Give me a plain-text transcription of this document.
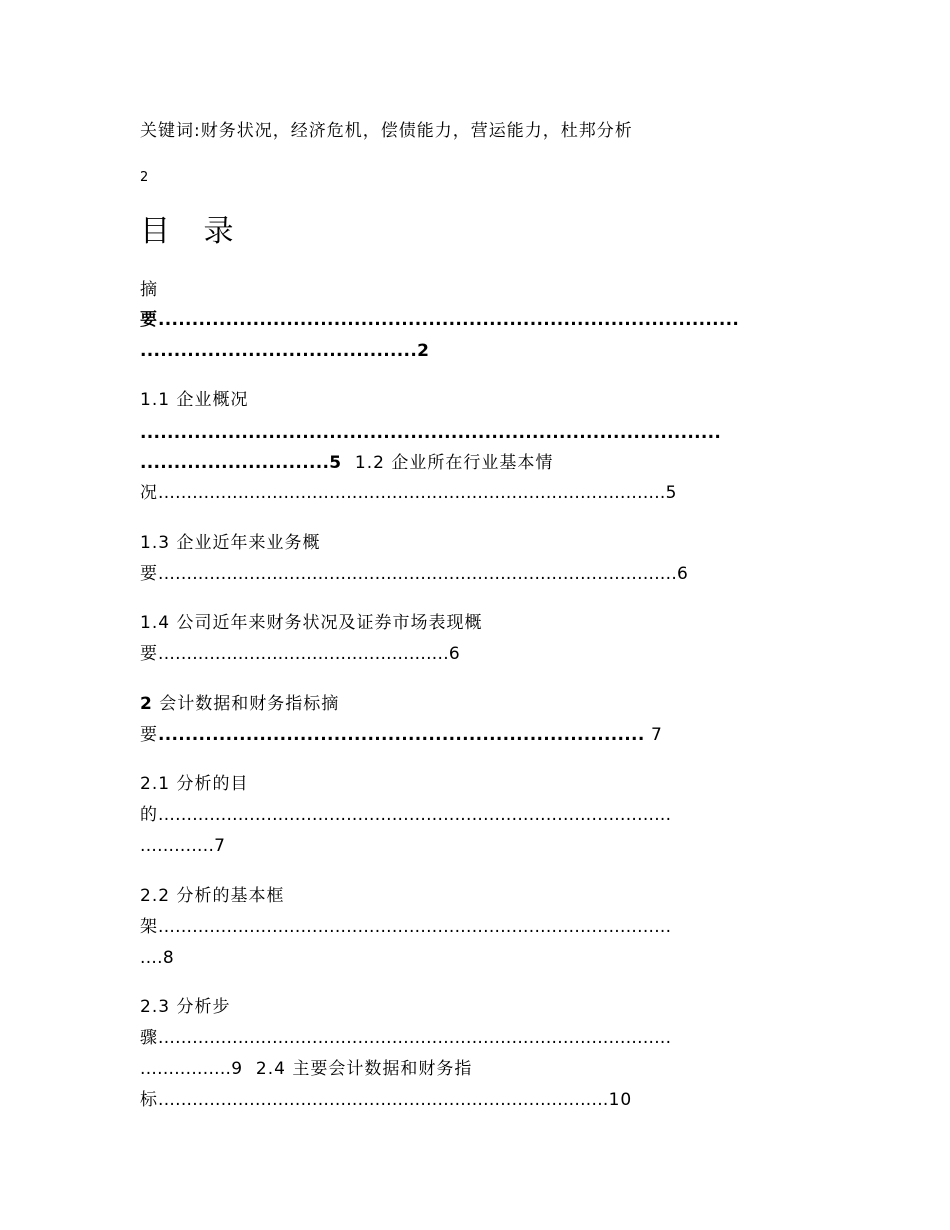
关键词:财务状况，经济危机，偿债能力，营运能力，杜邦分析
2
目 录
摘
要......................................................................................
.........................................2
1.1 企业概况
......................................................................................
............................5 1.2 企业所在行业基本情
况.........................................................................................5
1.3 企业近年来业务概
要...........................................................................................6
1.4 公司近年来财务状况及证券市场表现概
要...................................................6
2 会计数据和财务指标摘
要........................................................................ 7
2.1 分析的目
的..........................................................................................
.............7
2.2 分析的基本框
架..........................................................................................
....8
2.3 分析步
骤..........................................................................................
................9 2.4 主要会计数据和财务指
标...............................................................................10
